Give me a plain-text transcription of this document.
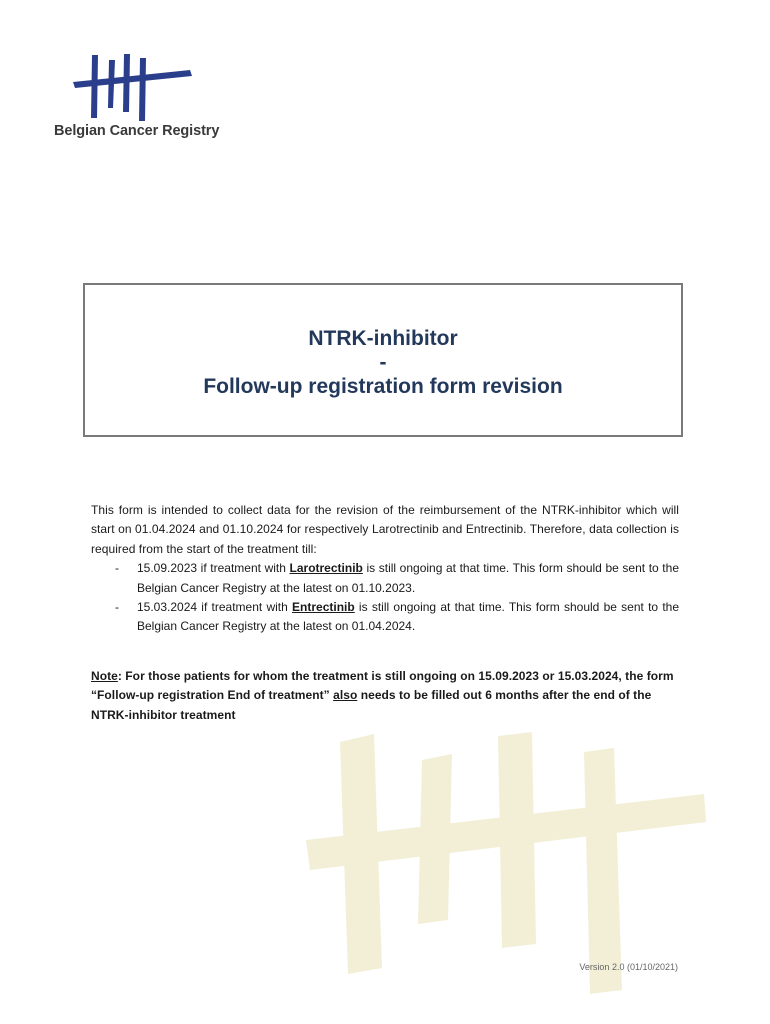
Belgian Cancer Registry
NTRK-inhibitor
-
Follow-up registration form revision

This form is intended to collect data for the revision of the reimbursement of the NTRK-inhibitor which will start on 01.04.2024 and 01.10.2024 for respectively Larotrectinib and Entrectinib. Therefore, data collection is required from the start of the treatment till:

- 15.09.2023 if treatment with Larotrectinib is still ongoing at that time. This form should be sent to the Belgian Cancer Registry at the latest on 01.10.2023.
- 15.03.2024 if treatment with Entrectinib is still ongoing at that time. This form should be sent to the Belgian Cancer Registry at the latest on 01.04.2024.

Note: For those patients for whom the treatment is still ongoing on 15.09.2023 or 15.03.2024, the form “Follow-up registration End of treatment” also needs to be filled out 6 months after the end of the NTRK-inhibitor treatment

Version 2.0 (01/10/2021)
